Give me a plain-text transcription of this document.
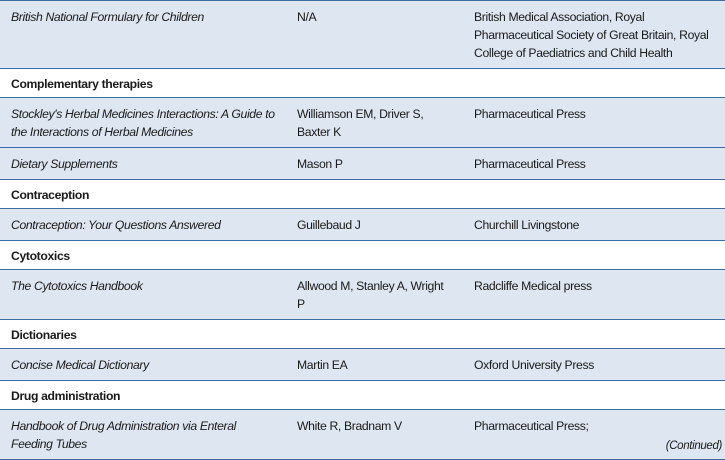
British National Formulary for Children	N/A	British Medical Association, Royal Pharmaceutical Society of Great Britain, Royal College of Paediatrics and Child Health
Complementary therapies		
Stockley's Herbal Medicines Interactions: A Guide to the Interactions of Herbal Medicines	Williamson EM, Driver S, Baxter K	Pharmaceutical Press
Dietary Supplements	Mason P	Pharmaceutical Press
Contraception		
Contraception: Your Questions Answered	Guillebaud J	Churchill Livingstone
Cytotoxics		
The Cytotoxics Handbook	Allwood M, Stanley A, Wright P	Radcliffe Medical press
Dictionaries		
Concise Medical Dictionary	Martin EA	Oxford University Press
Drug administration		
Handbook of Drug Administration via Enteral Feeding Tubes	White R, Bradnam V	Pharmaceutical Press;
(Continued)
